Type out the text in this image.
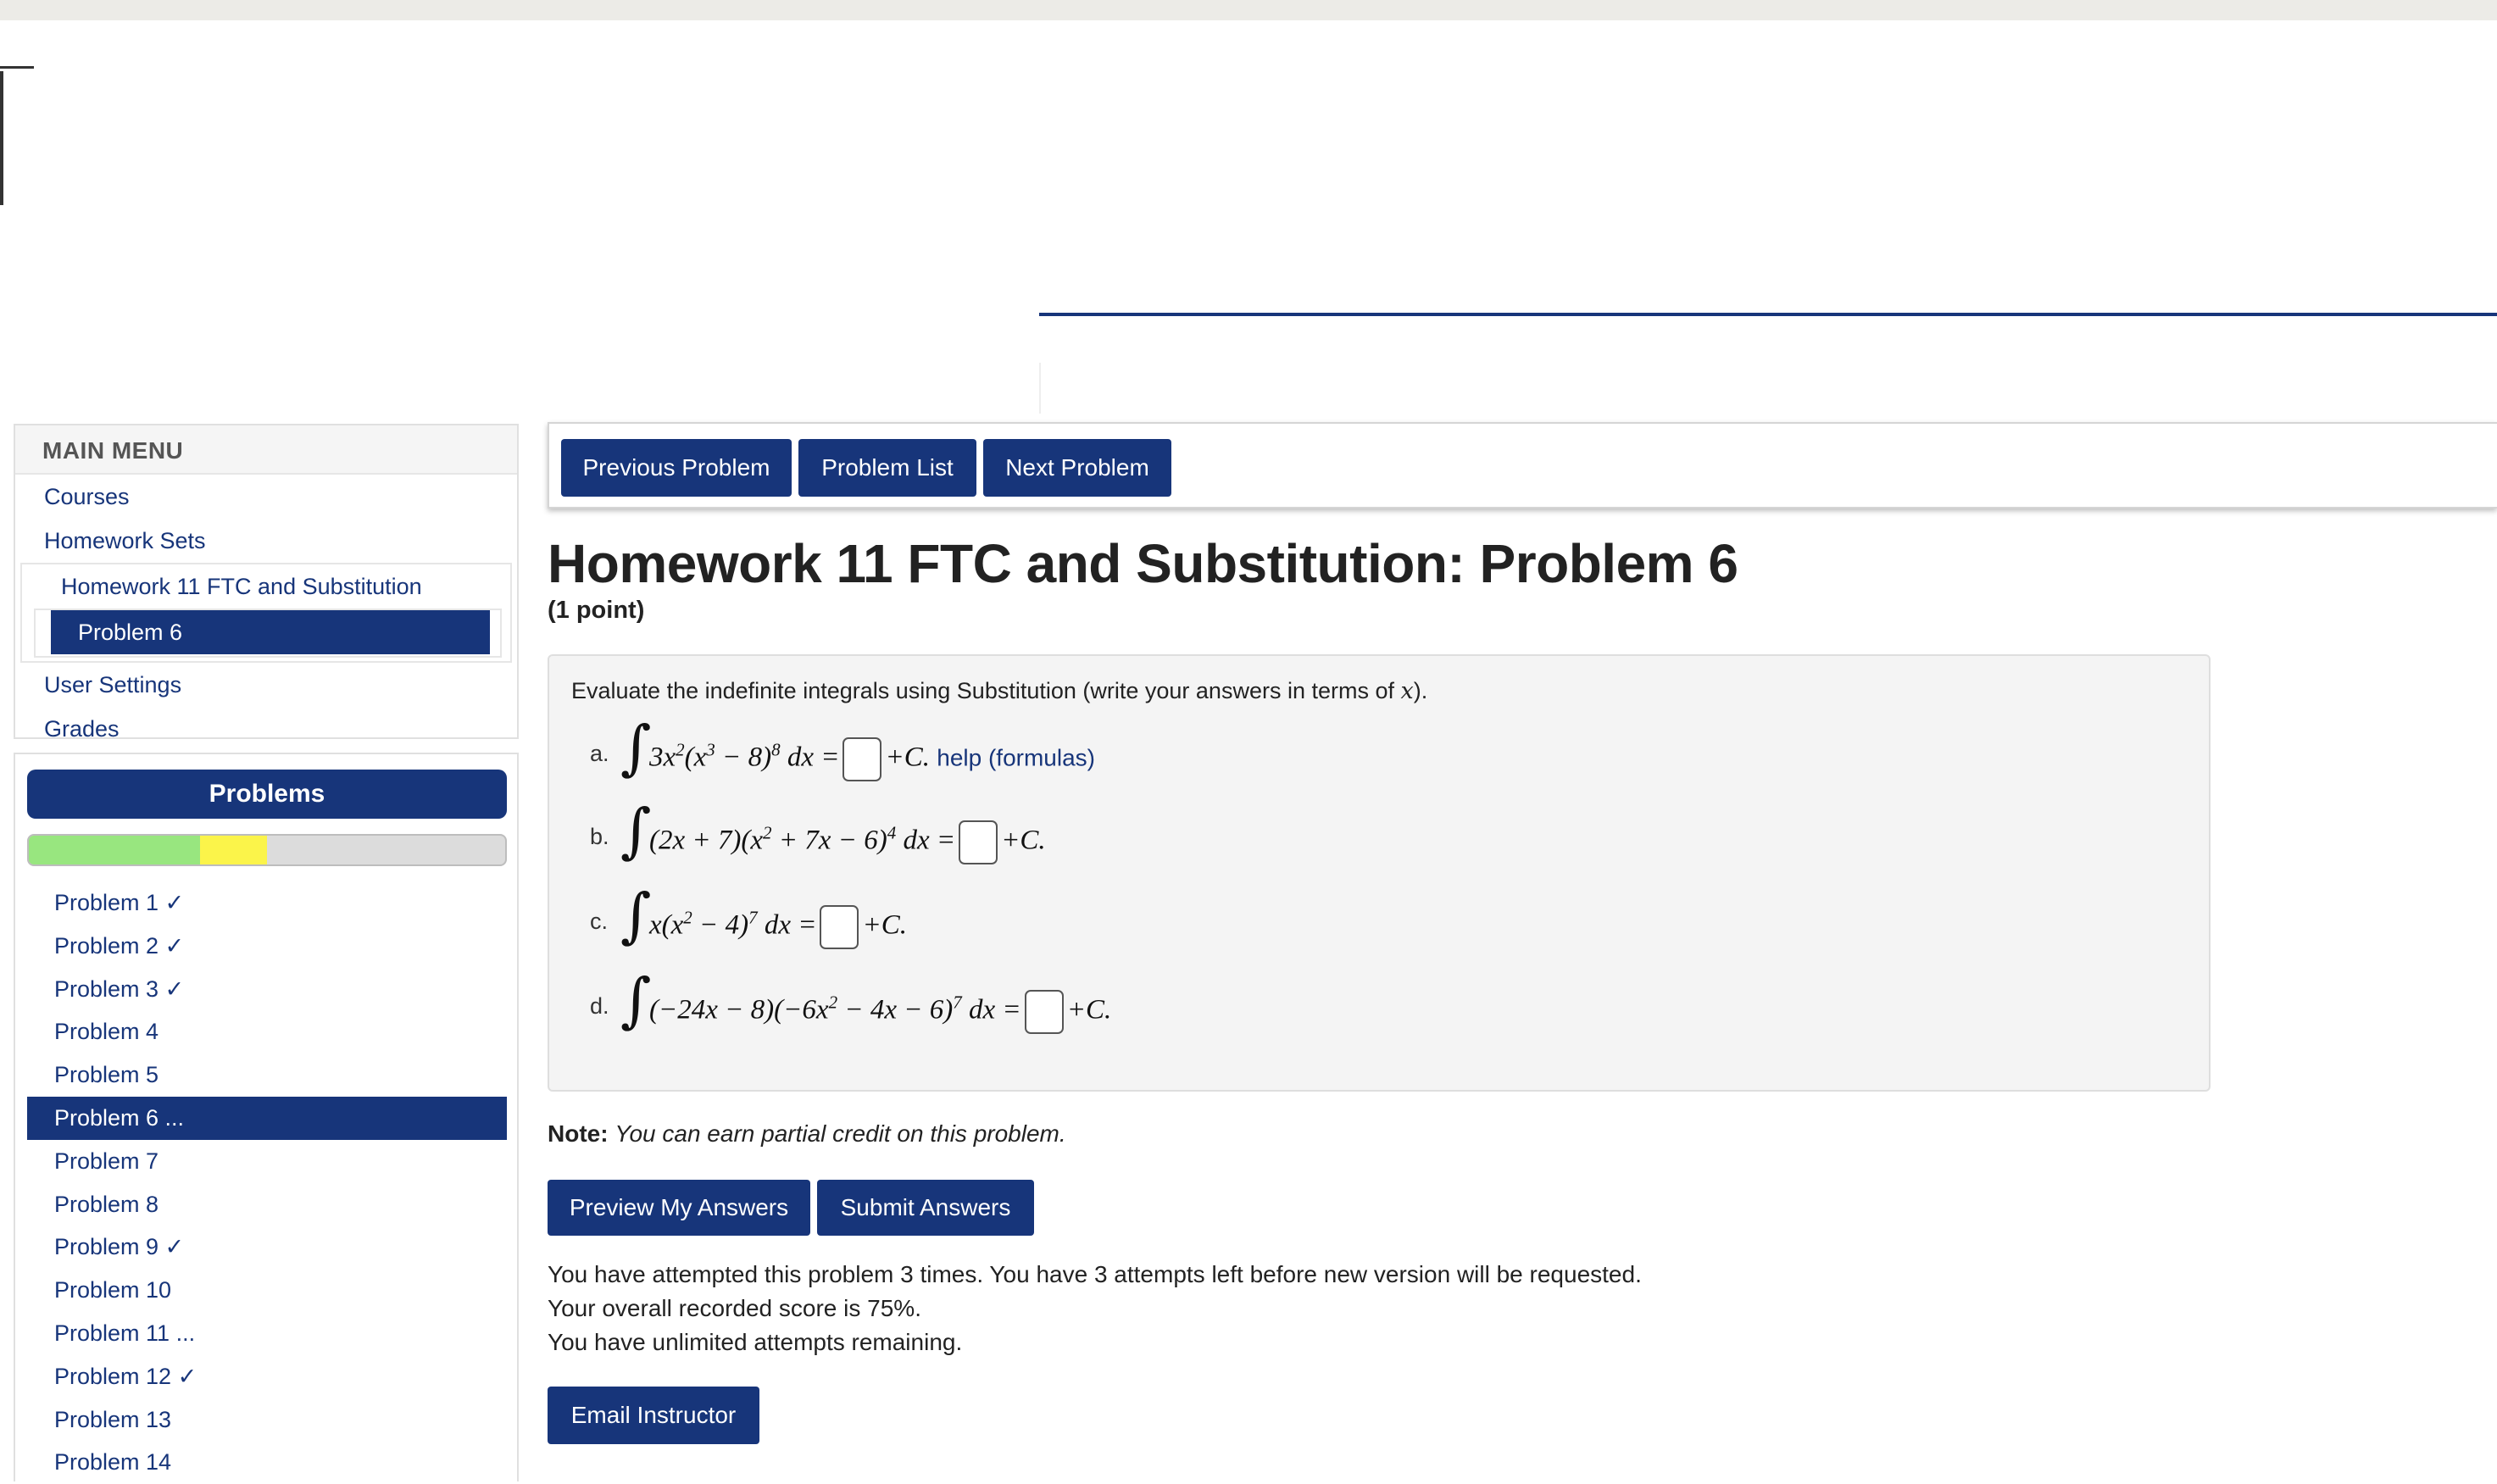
MAIN MENU
Courses
Homework Sets
Homework 11 FTC and Substitution
Problem 6
User Settings
Grades
Problems
Problem 1 ✓
Problem 2 ✓
Problem 3 ✓
Problem 4
Problem 5
Problem 6 ...
Problem 7
Problem 8
Problem 9 ✓
Problem 10
Problem 11 ...
Problem 12 ✓
Problem 13
Problem 14
Previous Problem	Problem List	Next Problem
Homework 11 FTC and Substitution: Problem 6
(1 point)
Evaluate the indefinite integrals using Substitution (write your answers in terms of x).
a. ∫
$3x^2(x^3 - 8)^8$ dx = +C. help (formulas)
b. ∫
$(2x + 7)(x^2 + 7x - 6)^4$ dx = +C.
c. ∫
$x(x^2 - 4)^7$ dx = +C.
d. ∫
$(-24x - 8)(-6x^2 - 4x - 6)^7$ dx = +C.
Note: You can earn partial credit on this problem.
Preview My Answers	Submit Answers
You have attempted this problem 3 times. You have 3 attempts left before new version will be requested.
Your overall recorded score is 75%.
You have unlimited attempts remaining.
Email Instructor
